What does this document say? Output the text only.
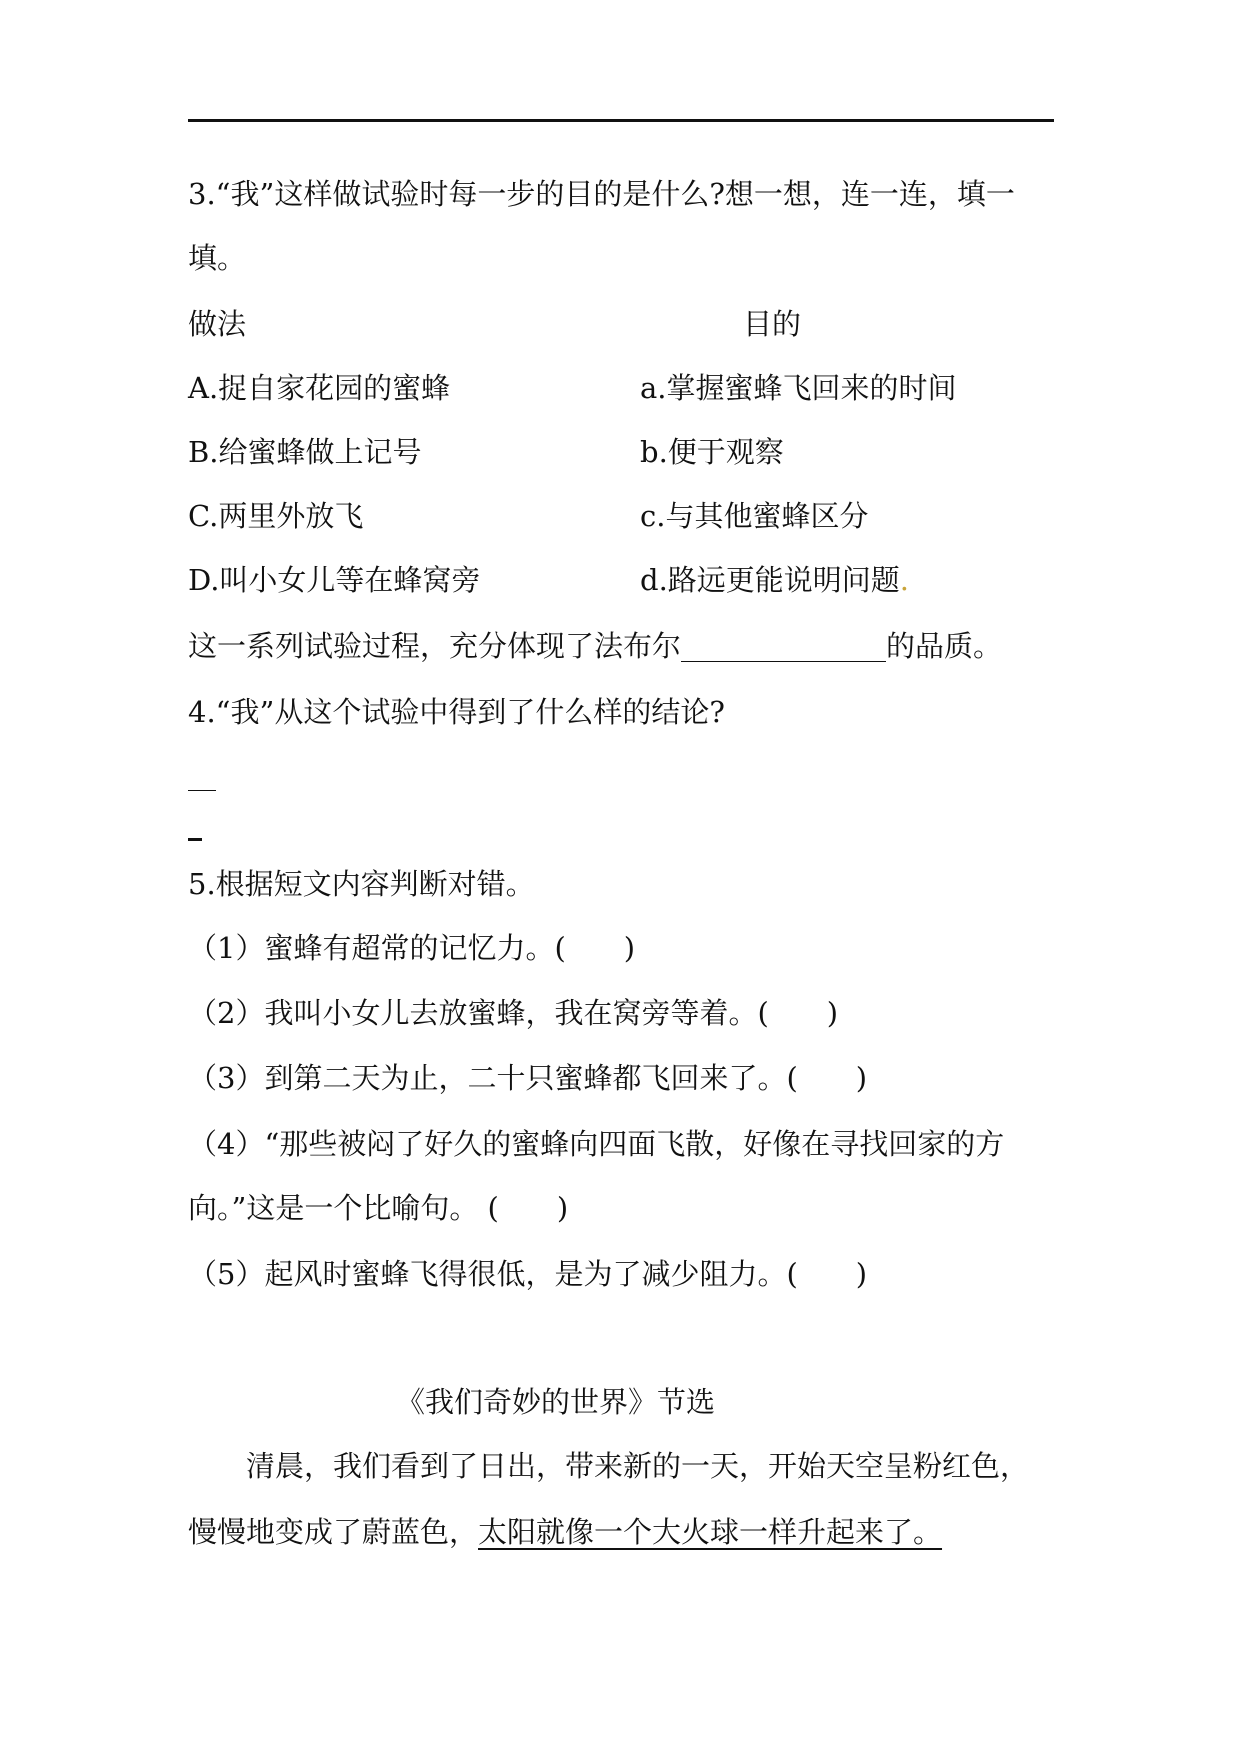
3.“我”这样做试验时每一步的目的是什么?想一想，连一连，填一
填。
做法	目的
A.捉自家花园的蜜蜂	a.掌握蜜蜂飞回来的时间
B.给蜜蜂做上记号	b.便于观察
C.两里外放飞	c.与其他蜜蜂区分
D.叫小女儿等在蜂窝旁	d.路远更能说明问题.
这一系列试验过程，充分体现了法布尔	的品质。
4.“我”从这个试验中得到了什么样的结论?
5.根据短文内容判断对错。
（1）蜜蜂有超常的记忆力。(　　)
（2）我叫小女儿去放蜜蜂，我在窝旁等着。(　　)
（3）到第二天为止，二十只蜜蜂都飞回来了。(　　)
（4）“那些被闷了好久的蜜蜂向四面飞散，好像在寻找回家的方
向。”这是一个比喻句。 (　　)
（5）起风时蜜蜂飞得很低，是为了减少阻力。(　　)
《我们奇妙的世界》节选
　　清晨，我们看到了日出，带来新的一天，开始天空呈粉红色，
慢慢地变成了蔚蓝色，太阳就像一个大火球一样升起来了。
